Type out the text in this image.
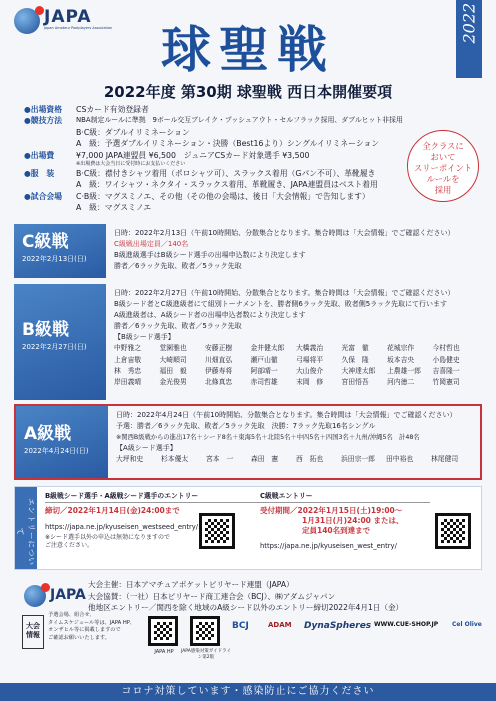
JAPA
Japan Amateur Poolplayers Association 球聖戦	2022
2022年度 第30期 球聖戦 西日本開催要項
●出場資格	CSカード有効登録者
●競技方法	NBA制定ルールに準拠　9ボール交互ブレイク・プッシュアウト・セルフラック採用、ダブルヒット非採用
B·C級：ダブルイリミネーション
A　級：予選ダブルイリミネーション・決勝（Best16より）シングルイリミネーション
●出場費	¥7,000 JAPA連盟員 ¥6,500　ジュニアCSカード対象選手 ¥3,500
※出場費は大会当日に受付時にお支払いください
●服　装	B·C級：襟付きシャツ着用（ポロシャツ可）、スラックス着用（Gパン不可）、革靴履き
A　級：ワイシャツ・ネクタイ・スラックス着用、革靴履き、JAPA連盟員はベスト着用
●試合会場	C·B級：マグスミノエ、その他（その他の会場は、後日「大会情報」で告知します）
A　級：マグスミノエ
全クラスに
おいて
スリーポイント
ルールを
採用
C級戦
2022年2月13日(日)
日時：2022年2月13日（午前10時開始、分散集合となります。集合時間は「大会情報」でご確認ください）
C級戦出場定員／140名
B級進級選手はB級シード選手の出場申込数により決定します
勝者／6ラック先取、敗者／5ラック先取
B級戦
2022年2月27日(日)
日時：2022年2月27日（午前10時開始、分散集合となります。集合時間は「大会情報」でご確認ください）
B級シード者とC級進級者にて組別トーナメントを、勝者側6ラック先取、敗者側5ラック先取にて行います
A級進級者は、A級シード者の出場申込者数により決定します
勝者／6ラック先取、敗者／5ラック先取
【B級シード選手】
中野雅之	堂園雅也	安藤正樹	金井健太郎	大橋義治	光富　徹	花城宗作	今村哲也
上倉宙敬	大崎順司	川畑直弘	瀬戸山徹	弓場将平	久保　隆	坂本吉央	小島健史
林　秀忠	福田　毅	伊藤寿将	阿部晴一	大山俊介	大神達太郎	上農雄一郎	吉喜隆一
岸田義晴	金光俊男	北條真忠	赤司哲雄	末岡　修	宮田悟吾	河内徳二	竹岡憲司
A級戦
2022年4月24日(日)
日時：2022年4月24日（午前10時開始、分散集合となります。集合時間は「大会情報」でご確認ください）
予選：勝者／6ラック先取、敗者／5ラック先取　決勝：7ラック先取16名シングル
※関西B級戦からの進出17名＋シード8名＋東海5名＋北陸5名＋中四5名＋四国3名＋九州/沖縄5名　計48名
【A級シード選手】
大坪和史	杉本優太	宮本　一	森田　憲	西　拓也	浜田宗一郎	田中裕也	林尾健司
エントリーについて
B級戦シード選手・A級戦シード選手のエントリー
締切／2022年1月14日(金)24:00まで
https://japa.ne.jp/kyuseisen_westseed_entry/
※シード選手以外の申込は無効になりますので
ご注意ください。
C級戦エントリー
受付期間／2022年1月15日(土)19:00～
1月31日(月)24:00 または、
定員140名到達まで
https://japa.ne.jp/kyuseisen_west_entry/
JAPA
大会主催：日本アマチュアポケットビリヤード連盟（JAPA）
大会協賛：（一社）日本ビリヤード商工連合会（BCJ）、㈱アダムジャパン
他地区エントリー／関西を除く地域のA級シード以外のエントリー締切2022年4月1日（金）
大会情報
予選会場、組合せ、
タイムスケジュール等は、JAPA HP、
オンザヒル等に掲載しますので
ご確認お願いいたします。
JAPA HP	JAPA感染対策ガイドライン第2版
BCJ	ADAM DynaSpheres WWW.CUE-SHOP.JP Cel Olive
コロナ対策しています・感染防止にご協力ください
